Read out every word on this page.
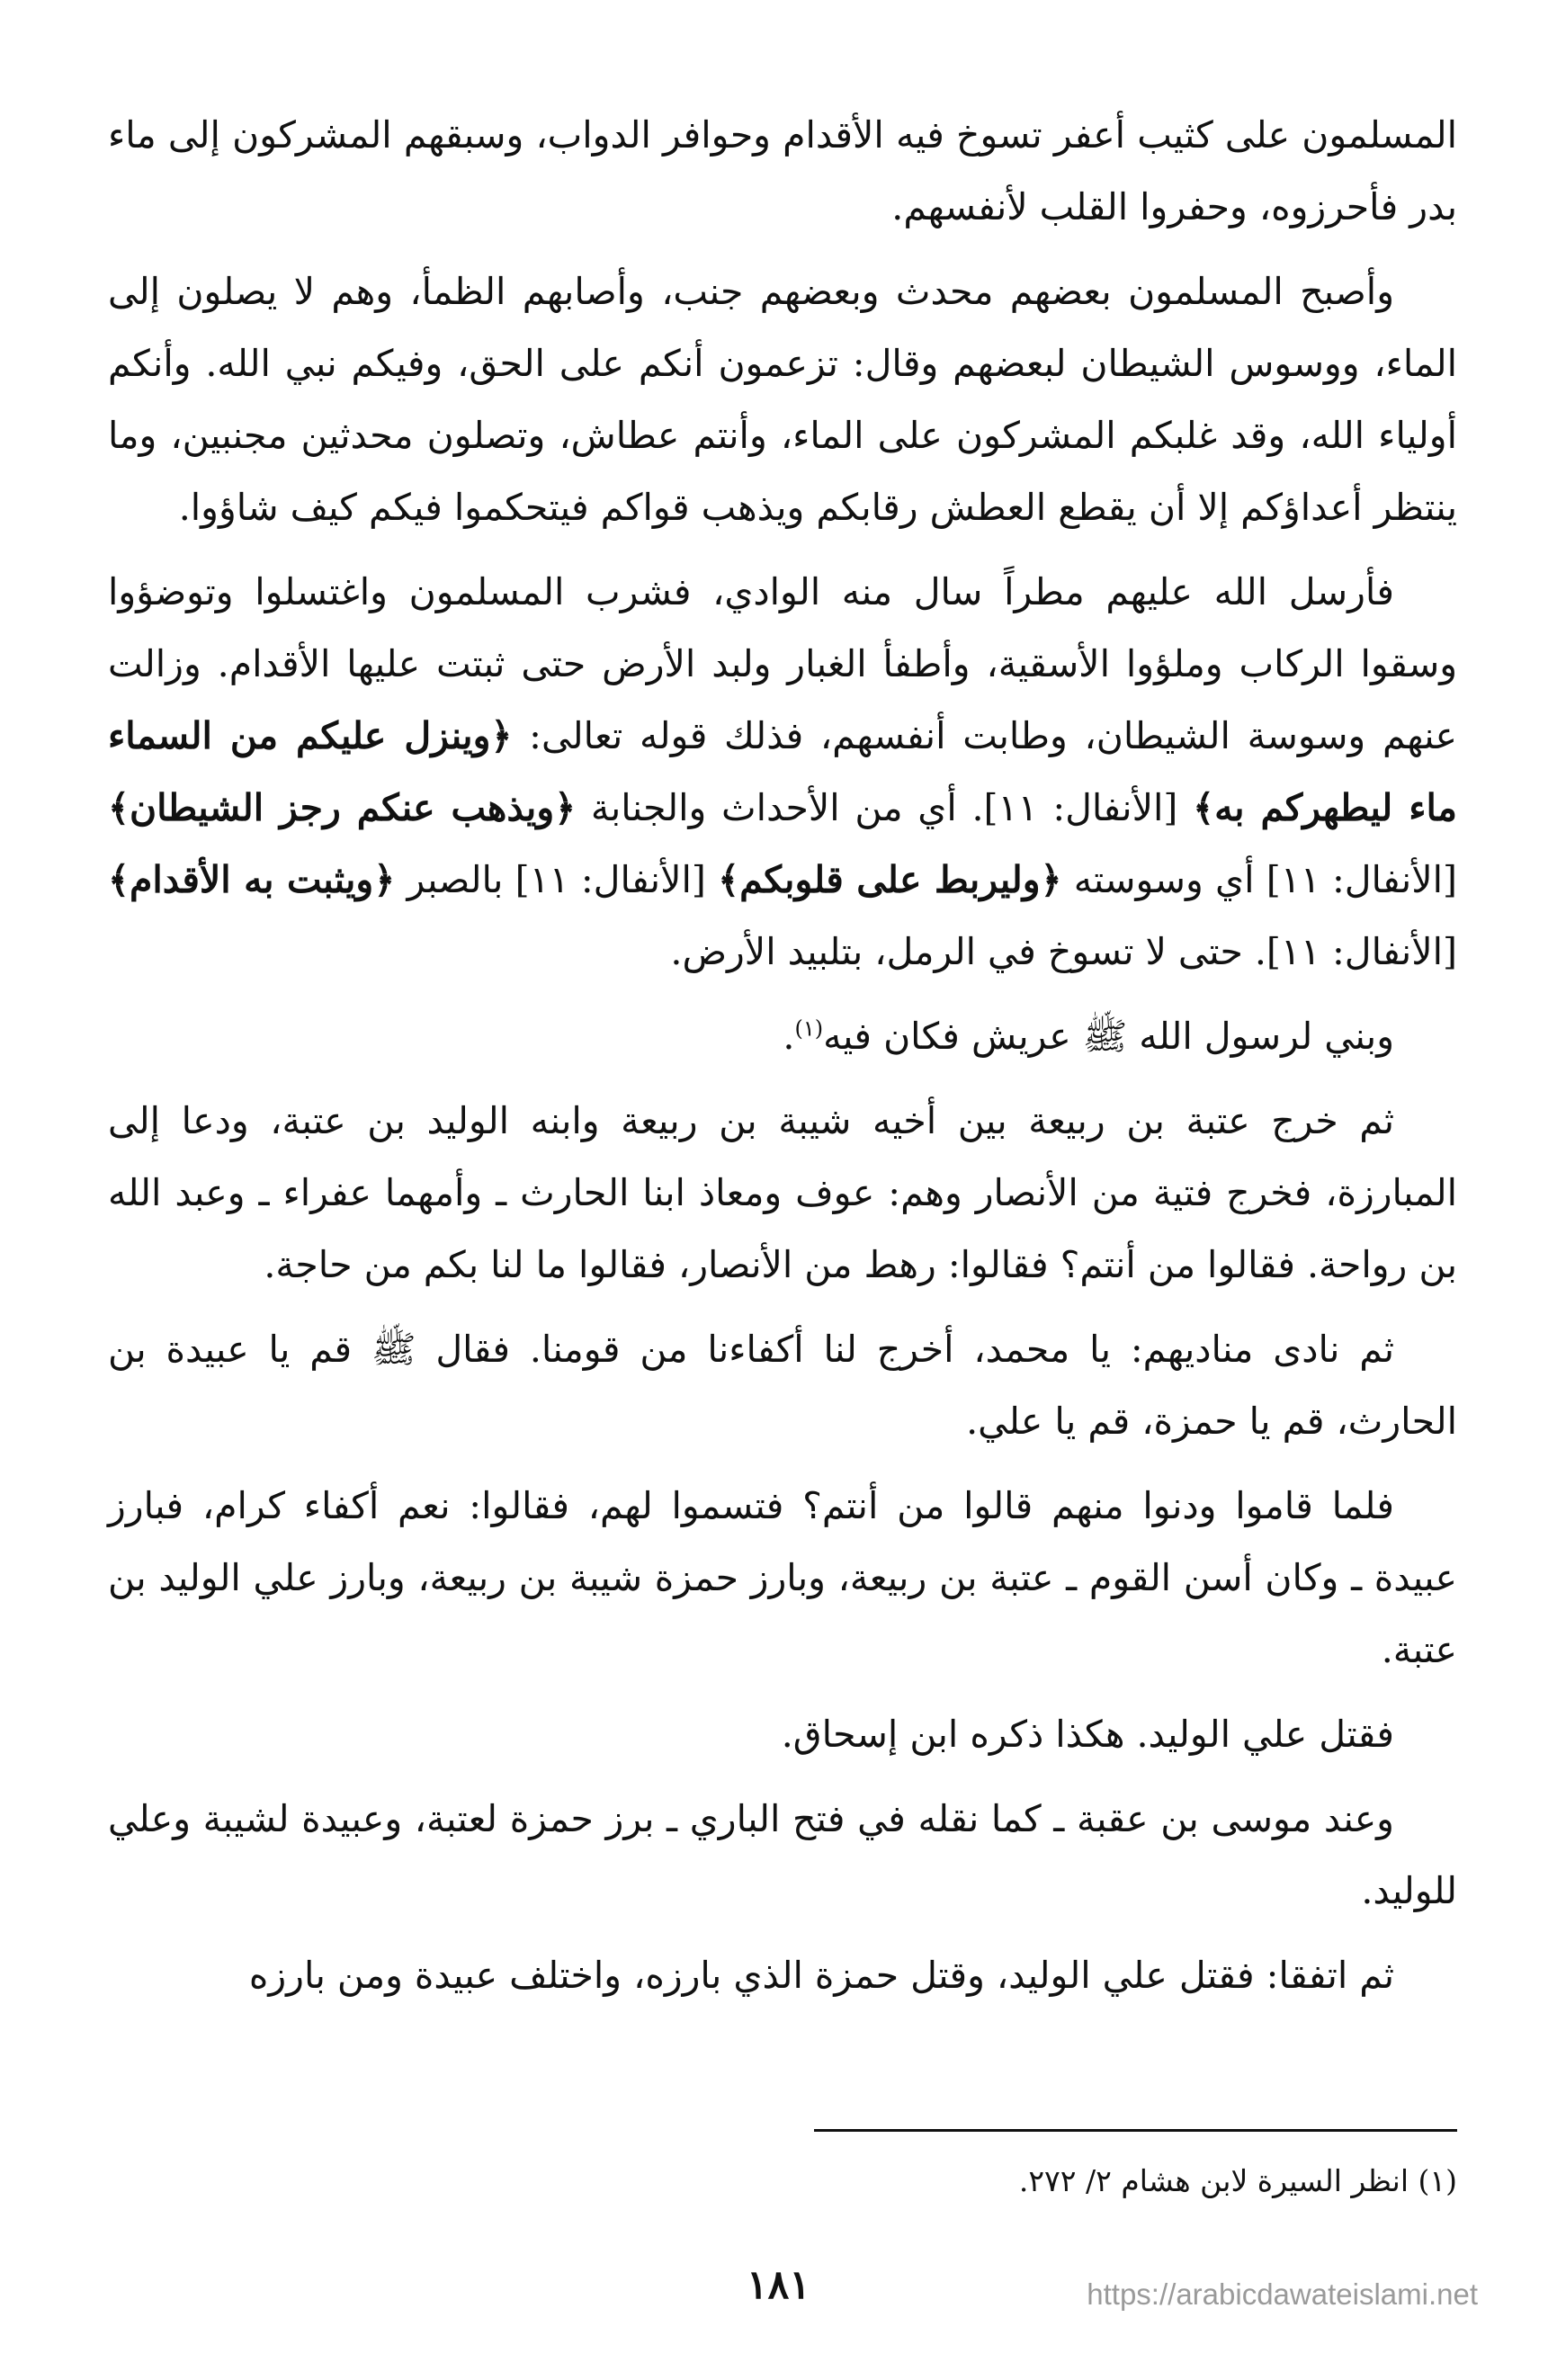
المسلمون على كثيب أعفر تسوخ فيه الأقدام وحوافر الدواب، وسبقهم المشركون إلى ماء بدر فأحرزوه، وحفروا القلب لأنفسهم.

وأصبح المسلمون بعضهم محدث وبعضهم جنب، وأصابهم الظمأ، وهم لا يصلون إلى الماء، ووسوس الشيطان لبعضهم وقال: تزعمون أنكم على الحق، وفيكم نبي الله. وأنكم أولياء الله، وقد غلبكم المشركون على الماء، وأنتم عطاش، وتصلون محدثين مجنبين، وما ينتظر أعداؤكم إلا أن يقطع العطش رقابكم ويذهب قواكم فيتحكموا فيكم كيف شاؤوا.

فأرسل الله عليهم مطراً سال منه الوادي، فشرب المسلمون واغتسلوا وتوضؤوا وسقوا الركاب وملؤوا الأسقية، وأطفأ الغبار ولبد الأرض حتى ثبتت عليها الأقدام. وزالت عنهم وسوسة الشيطان، وطابت أنفسهم، فذلك قوله تعالى: ﴿وينزل عليكم من السماء ماء ليطهركم به﴾ [الأنفال: ١١]. أي من الأحداث والجنابة ﴿ويذهب عنكم رجز الشيطان﴾ [الأنفال: ١١] أي وسوسته ﴿وليربط على قلوبكم﴾ [الأنفال: ١١] بالصبر ﴿ويثبت به الأقدام﴾ [الأنفال: ١١]. حتى لا تسوخ في الرمل، بتلبيد الأرض.

وبني لرسول الله ﷺ عريش فكان فيه$^{(١)}$.

ثم خرج عتبة بن ربيعة بين أخيه شيبة بن ربيعة وابنه الوليد بن عتبة، ودعا إلى المبارزة، فخرج فتية من الأنصار وهم: عوف ومعاذ ابنا الحارث ـ وأمهما عفراء ـ وعبد الله بن رواحة. فقالوا من أنتم؟ فقالوا: رهط من الأنصار، فقالوا ما لنا بكم من حاجة.

ثم نادى مناديهم: يا محمد، أخرج لنا أكفاءنا من قومنا. فقال ﷺ قم يا عبيدة بن الحارث، قم يا حمزة، قم يا علي.

فلما قاموا ودنوا منهم قالوا من أنتم؟ فتسموا لهم، فقالوا: نعم أكفاء كرام، فبارز عبيدة ـ وكان أسن القوم ـ عتبة بن ربيعة، وبارز حمزة شيبة بن ربيعة، وبارز علي الوليد بن عتبة.

فقتل علي الوليد. هكذا ذكره ابن إسحاق.

وعند موسى بن عقبة ـ كما نقله في فتح الباري ـ برز حمزة لعتبة، وعبيدة لشيبة وعلي للوليد.

ثم اتفقا: فقتل علي الوليد، وقتل حمزة الذي بارزه، واختلف عبيدة ومن بارزه

(١) انظر السيرة لابن هشام ٢/ ٢٧٢.
١٨١	https://arabicdawateislami.net
